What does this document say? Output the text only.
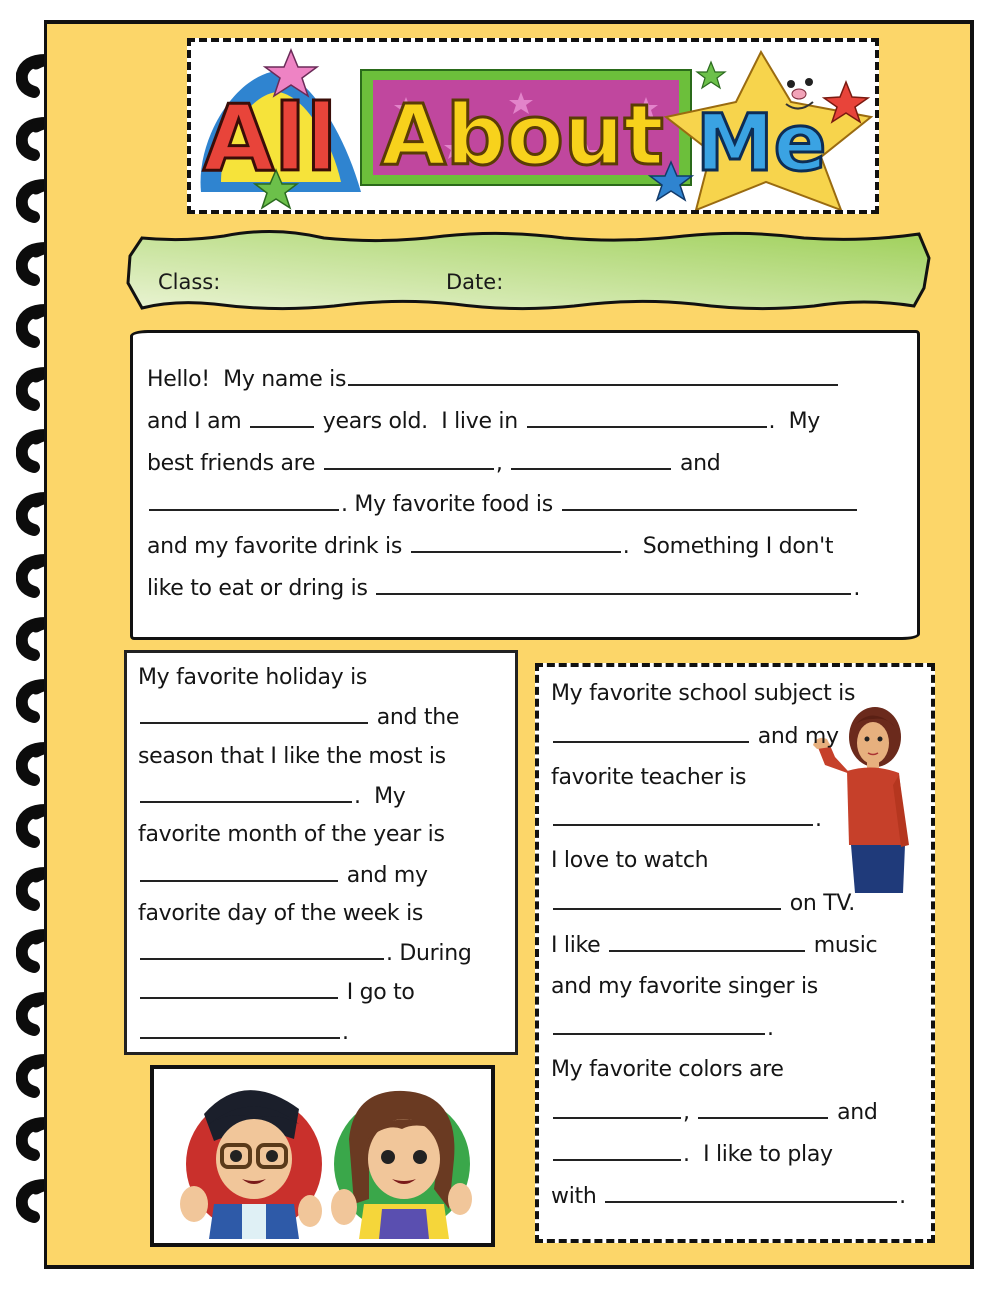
All About Me
Class:	Date:
Hello!  My name is
and I am	years old.  I live in	.  My
best friends are	,	and
. My favorite food is
and my favorite drink is	.  Something I don't
like to eat or dring is	.
My favorite holiday is
and the
season that I like the most is
.  My
favorite month of the year is
and my
favorite day of the week is
. During
I go to
.
My favorite school subject is
and my
favorite teacher is
.
I love to watch
on TV.
I like	music
and my favorite singer is
.
My favorite colors are
,	and
.  I like to play
with	.
